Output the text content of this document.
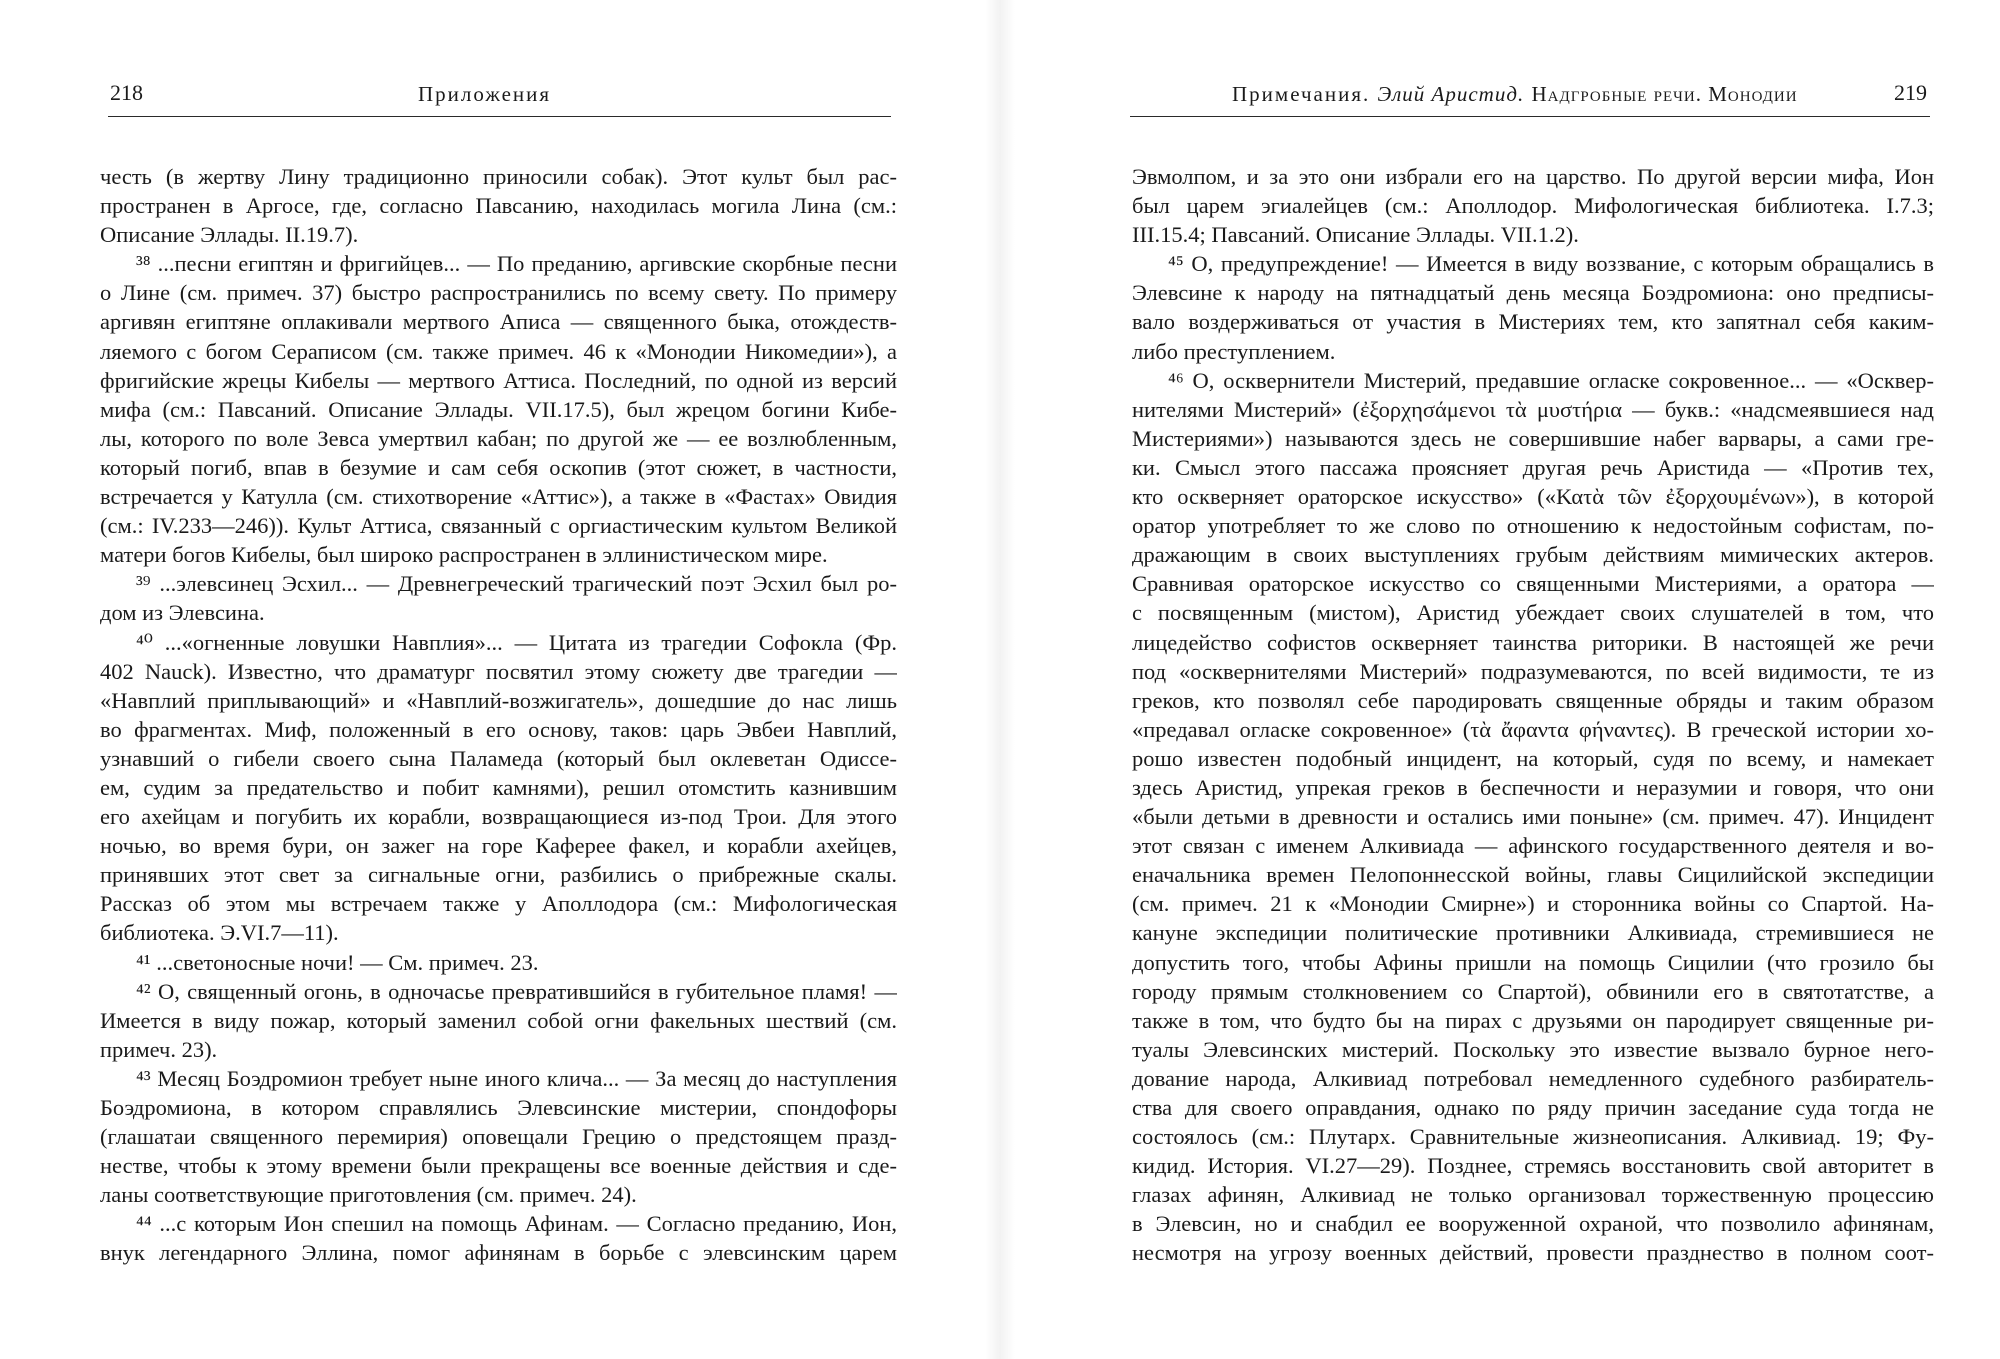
218	Приложения
честь (в жертву Лину традиционно приносили собак). Этот культ был рас-
пространен в Аргосе, где, согласно Павсанию, находилась могила Лина (см.:
Описание Эллады. II.19.7).
³⁸ ...песни египтян и фригийцев... — По преданию, аргивские скорбные песни
о Лине (см. примеч. 37) быстро распространились по всему свету. По примеру
аргивян египтяне оплакивали мертвого Аписа — священного быка, отождеств-
ляемого с богом Сераписом (см. также примеч. 46 к «Монодии Никомедии»), а
фригийские жрецы Кибелы — мертвого Аттиса. Последний, по одной из версий
мифа (см.: Павсаний. Описание Эллады. VII.17.5), был жрецом богини Кибе-
лы, которого по воле Зевса умертвил кабан; по другой же — ее возлюбленным,
который погиб, впав в безумие и сам себя оскопив (этот сюжет, в частности,
встречается у Катулла (см. стихотворение «Аттис»), а также в «Фастах» Овидия
(см.: IV.233—246)). Культ Аттиса, связанный с оргиастическим культом Великой
матери богов Кибелы, был широко распространен в эллинистическом мире.
³⁹ ...элевсинец Эсхил... — Древнегреческий трагический поэт Эсхил был ро-
дом из Элевсина.
⁴⁰ ...«огненные ловушки Навплия»... — Цитата из трагедии Софокла (Фр.
402 Nauck). Известно, что драматург посвятил этому сюжету две трагедии —
«Навплий приплывающий» и «Навплий-возжигатель», дошедшие до нас лишь
во фрагментах. Миф, положенный в его основу, таков: царь Эвбеи Навплий,
узнавший о гибели своего сына Паламеда (который был оклеветан Одиссе-
ем, судим за предательство и побит камнями), решил отомстить казнившим
его ахейцам и погубить их корабли, возвращающиеся из-под Трои. Для этого
ночью, во время бури, он зажег на горе Кафереe факел, и корабли ахейцев,
принявших этот свет за сигнальные огни, разбились о прибрежные скалы.
Рассказ об этом мы встречаем также у Аполлодора (см.: Мифологическая
библиотека. Э.VI.7—11).
⁴¹ ...светоносные ночи! — См. примеч. 23.
⁴² О, священный огонь, в одночасье превратившийся в губительное пламя! —
Имеется в виду пожар, который заменил собой огни факельных шествий (см.
примеч. 23).
⁴³ Месяц Боэдромион требует ныне иного клича... — За месяц до наступления
Боэдромиона, в котором справлялись Элевсинские мистерии, спондофоры
(глашатаи священного перемирия) оповещали Грецию о предстоящем празд-
нестве, чтобы к этому времени были прекращены все военные действия и сде-
ланы соответствующие приготовления (см. примеч. 24).
⁴⁴ ...с которым Ион спешил на помощь Афинам. — Согласно преданию, Ион,
внук легендарного Эллина, помог афинянам в борьбе с элевсинским царем
Примечания. Элий Аристид. Надгробные речи. Монодии	219
Эвмолпом, и за это они избрали его на царство. По другой версии мифа, Ион
был царем эгиалейцев (см.: Аполлодор. Мифологическая библиотека. I.7.3;
III.15.4; Павсаний. Описание Эллады. VII.1.2).
⁴⁵ О, предупреждение! — Имеется в виду воззвание, с которым обращались в
Элевсине к народу на пятнадцатый день месяца Боэдромиона: оно предписы-
вало воздерживаться от участия в Мистериях тем, кто запятнал себя каким-
либо преступлением.
⁴⁶ О, осквернители Мистерий, предавшие огласке сокровенное... — «Осквер-
нителями Мистерий» (ἐξορχησάμενοι τὰ μυστήρια — букв.: «надсмеявшиеся над
Мистериями») называются здесь не совершившие набег варвары, а сами гре-
ки. Смысл этого пассажа проясняет другая речь Аристида — «Против тех,
кто оскверняет ораторское искусство» («Κατὰ τῶν ἐξορχουμένων»), в которой
оратор употребляет то же слово по отношению к недостойным софистам, по-
дражающим в своих выступлениях грубым действиям мимических актеров.
Сравнивая ораторское искусство со священными Мистериями, а оратора —
с посвященным (мистом), Аристид убеждает своих слушателей в том, что
лицедейство софистов оскверняет таинства риторики. В настоящей же речи
под «осквернителями Мистерий» подразумеваются, по всей видимости, те из
греков, кто позволял себе пародировать священные обряды и таким образом
«предавал огласке сокровенное» (τὰ ἄφαντα φήναντες). В греческой истории хо-
рошо известен подобный инцидент, на который, судя по всему, и намекает
здесь Аристид, упрекая греков в беспечности и неразумии и говоря, что они
«были детьми в древности и остались ими поныне» (см. примеч. 47). Инцидент
этот связан с именем Алкивиада — афинского государственного деятеля и во-
еначальника времен Пелопоннесской войны, главы Сицилийской экспедиции
(см. примеч. 21 к «Монодии Смирне») и сторонника войны со Спартой. На-
кануне экспедиции политические противники Алкивиада, стремившиеся не
допустить того, чтобы Афины пришли на помощь Сицилии (что грозило бы
городу прямым столкновением со Спартой), обвинили его в святотатстве, а
также в том, что будто бы на пирах с друзьями он пародирует священные ри-
туалы Элевсинских мистерий. Поскольку это известие вызвало бурное него-
дование народа, Алкивиад потребовал немедленного судебного разбиратель-
ства для своего оправдания, однако по ряду причин заседание суда тогда не
состоялось (см.: Плутарх. Сравнительные жизнеописания. Алкивиад. 19; Фу-
кидид. История. VI.27—29). Позднее, стремясь восстановить свой авторитет в
глазах афинян, Алкивиад не только организовал торжественную процессию
в Элевсин, но и снабдил ее вооруженной охраной, что позволило афинянам,
несмотря на угрозу военных действий, провести празднество в полном соот-
